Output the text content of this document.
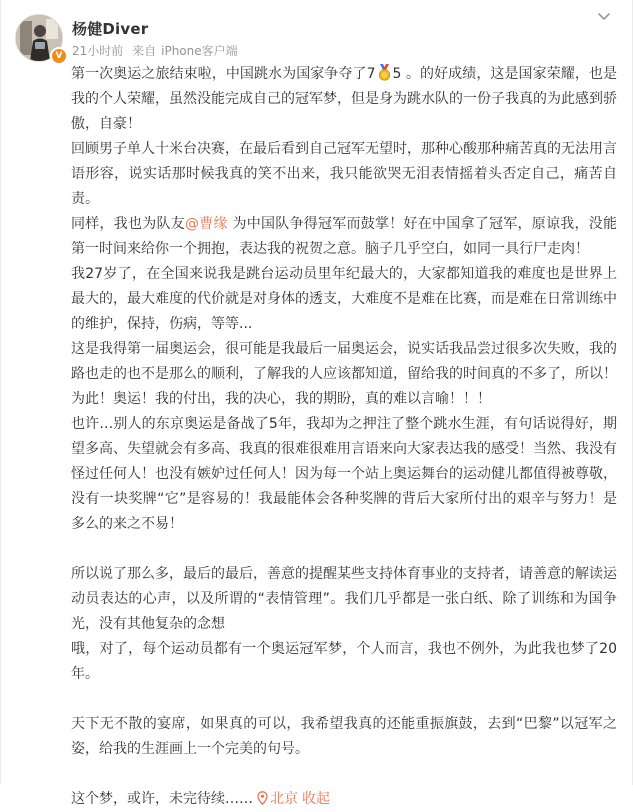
V
杨健Diver
21小时前 来自 iPhone客户端

第一次奥运之旅结束啦，中国跳水为国家争夺了7 5 。的好成绩，这是国家荣耀，也是我的个人荣耀，虽然没能完成自己的冠军梦，但是身为跳水队的一份子我真的为此感到骄傲，自豪！

回顾男子单人十米台决赛，在最后看到自己冠军无望时，那种心酸那种痛苦真的无法用言语形容，说实话那时候我真的笑不出来，我只能欲哭无泪表情摇着头否定自己，痛苦自责。

同样，我也为队友@曹缘 为中国队争得冠军而鼓掌！好在中国拿了冠军，原谅我，没能第一时间来给你一个拥抱，表达我的祝贺之意。脑子几乎空白，如同一具行尸走肉！

我27岁了，在全国来说我是跳台运动员里年纪最大的，大家都知道我的难度也是世界上最大的，最大难度的代价就是对身体的透支，大难度不是难在比赛，而是难在日常训练中的维护，保持，伤病，等等...

这是我得第一届奥运会，很可能是我最后一届奥运会，说实话我品尝过很多次失败，我的路也走的也不是那么的顺利，了解我的人应该都知道，留给我的时间真的不多了，所以！为此！奥运！我的付出，我的决心，我的期盼，真的难以言喻！！！

也许…别人的东京奥运是备战了5年，我却为之押注了整个跳水生涯，有句话说得好，期望多高、失望就会有多高、我真的很难很难用言语来向大家表达我的感受！当然、我没有怪过任何人！也没有嫉妒过任何人！因为每一个站上奥运舞台的运动健儿都值得被尊敬，没有一块奖牌“它”是容易的！我最能体会各种奖牌的背后大家所付出的艰辛与努力！是多么的来之不易！

所以说了那么多，最后的最后，善意的提醒某些支持体育事业的支持者，请善意的解读运动员表达的心声，以及所谓的“表情管理”。我们几乎都是一张白纸、除了训练和为国争光，没有其他复杂的念想

哦，对了，每个运动员都有一个奥运冠军梦，个人而言，我也不例外，为此我也梦了20年。

天下无不散的宴席，如果真的可以，我希望我真的还能重振旗鼓，去到“巴黎”以冠军之姿，给我的生涯画上一个完美的句号。

这个梦，或许，未完待续…… 北京 收起
